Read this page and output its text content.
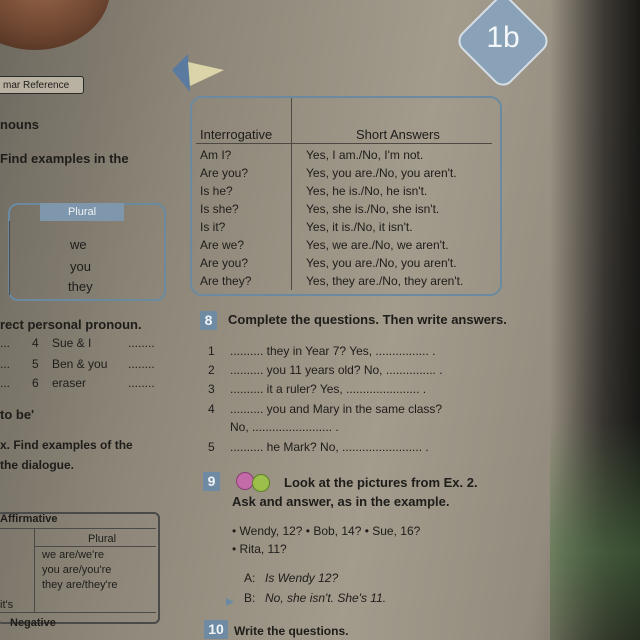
1b
mar Reference
nouns
Find examples in the
Plural
we
you
they
rect personal pronoun.
... 4 Sue & I	........
... 5 Ben & you ........
... 6 eraser	........
to be'
x. Find examples of the
the dialogue.
Affirmative
Plural
we are/we're
you are/you're
they are/they're
it's
Negative
Interrogative	Short Answers
Am I?	Yes, I am./No, I'm not.
Are you?	Yes, you are./No, you aren't.
Is he?	Yes, he is./No, he isn't.
Is she?	Yes, she is./No, she isn't.
Is it?	Yes, it is./No, it isn't.
Are we?	Yes, we are./No, we aren't.
Are you?	Yes, you are./No, you aren't.
Are they?	Yes, they are./No, they aren't.
8	Complete the questions. Then write answers.
1 .......... they in Year 7? Yes, ................ .
2 .......... you 11 years old? No, ............... .
3 .......... it a ruler? Yes, ...................... .
4 .......... you and Mary in the same class?
No, ........................ .
5 .......... he Mark? No, ........................ .
9	Look at the pictures from Ex. 2.
Ask and answer, as in the example.
• Wendy, 12? • Bob, 14? • Sue, 16?
• Rita, 11?
A: Is Wendy 12?
B: No, she isn't. She's 11.
10 Write the questions.
